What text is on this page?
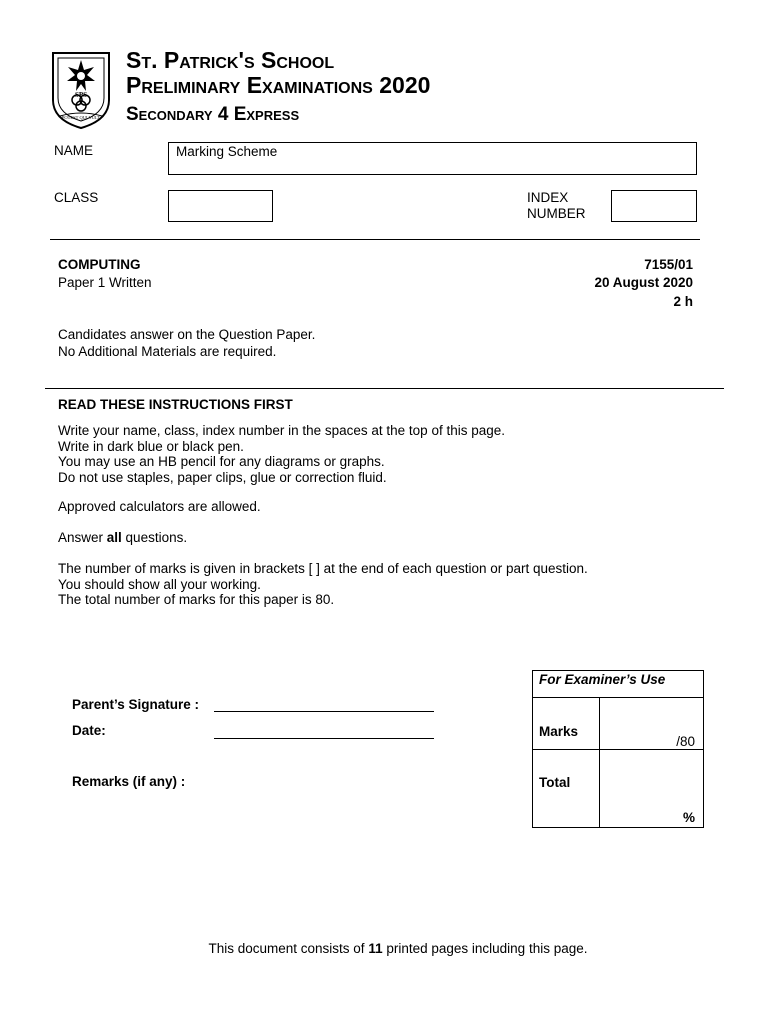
SPS
POTEST QUI VULT
St. Patrick's School
Preliminary Examinations 2020
Secondary 4 Express
NAME	Marking Scheme
CLASS	INDEX
NUMBER
COMPUTING
Paper 1 Written
7155/01
20 August 2020
2 h
Candidates answer on the Question Paper.
No Additional Materials are required.
READ THESE INSTRUCTIONS FIRST

Write your name, class, index number in the spaces at the top of this page.

Write in dark blue or black pen.

You may use an HB pencil for any diagrams or graphs.

Do not use staples, paper clips, glue or correction fluid.

Approved calculators are allowed.
Answer all questions.

The number of marks is given in brackets [ ] at the end of each question or part question.

You should show all your working.

The total number of marks for this paper is 80.

Parent’s Signature :
Date:
Remarks (if any) :
For Examiner’s Use
Marks
/80
Total
%
This document consists of 11 printed pages including this page.
